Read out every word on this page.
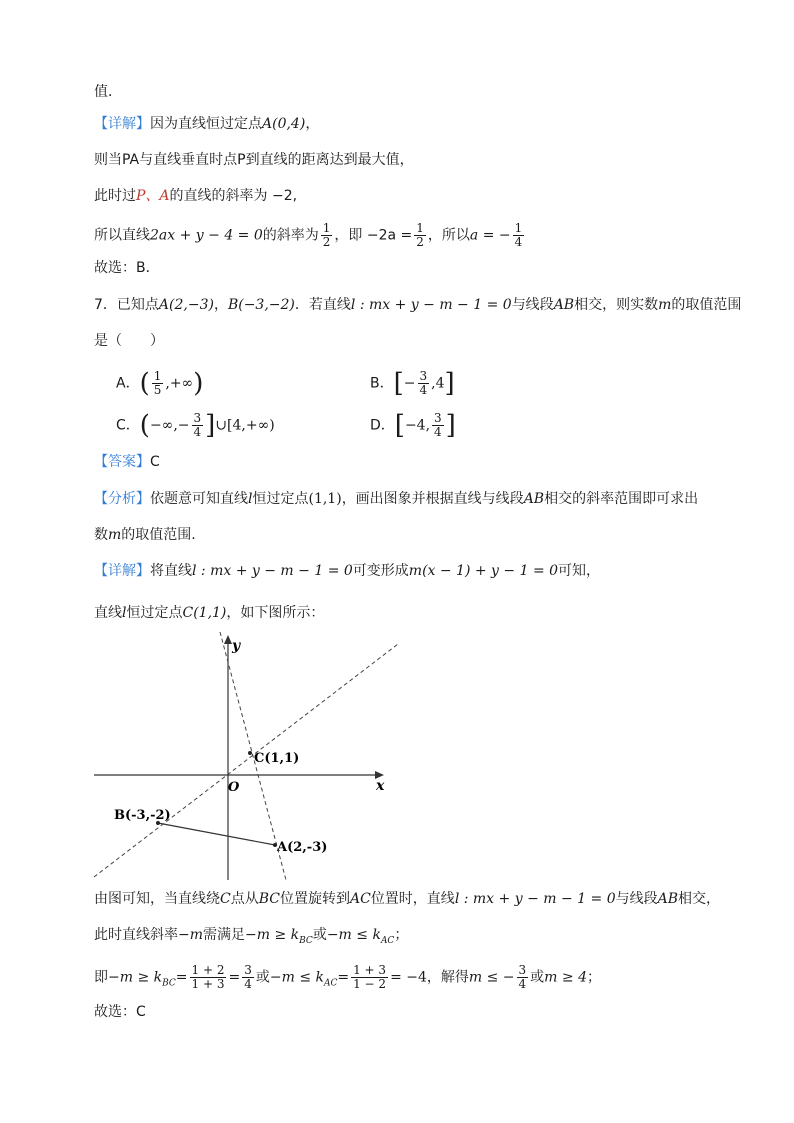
值．
【详解】因为直线恒过定点A(0,4)，
则当PA与直线垂直时点P到直线的距离达到最大值，
此时过P、A的直线的斜率为 −2,
所以直线2ax + y − 4 = 0的斜率为 $\frac{1}{2}$ ，即 $-2a = \frac{1}{2}$ ，所以a = − $\frac{1}{4}$
故选：B．
7．已知点A(2,−3)，B(−3,−2)．若直线l : mx + y − m − 1 = 0与线段AB相交，则实数m的取值范围
是（　　）
A．( $\frac{1}{5}$ ,+∞)	B．[− $\frac{3}{4} ,4$]
C．(−∞,− $\frac{3}{4}$ ]∪[4,+∞)	D．[−4, $\frac{3}{4}$ ]
【答案】C
【分析】依题意可知直线l恒过定点(1,1)，画出图象并根据直线与线段AB相交的斜率范围即可求出
数m的取值范围.
【详解】将直线l : mx + y − m − 1 = 0可变形成m(x − 1) + y − 1 = 0可知，
直线l恒过定点C(1,1)，如下图所示：
x
y
O
C(1,1)
B(-3,-2)
A(2,-3)
由图可知，当直线绕C点从BC位置旋转到AC位置时，直线l : mx + y − m − 1 = 0与线段AB相交，
此时直线斜率−m需满足$-m \ge k_{BC}$或$-m \le k_{AC}$；
即$-m \ge k_{BC}= \frac{1 + 2}{1 + 3} = \frac{3}{4}$ 或$-m \le k_{AC}= \frac{1 + 3}{1 - 2} = -4$，解得m ≤ − $\frac{3}{4}$ 或m ≥ 4；
故选：C
